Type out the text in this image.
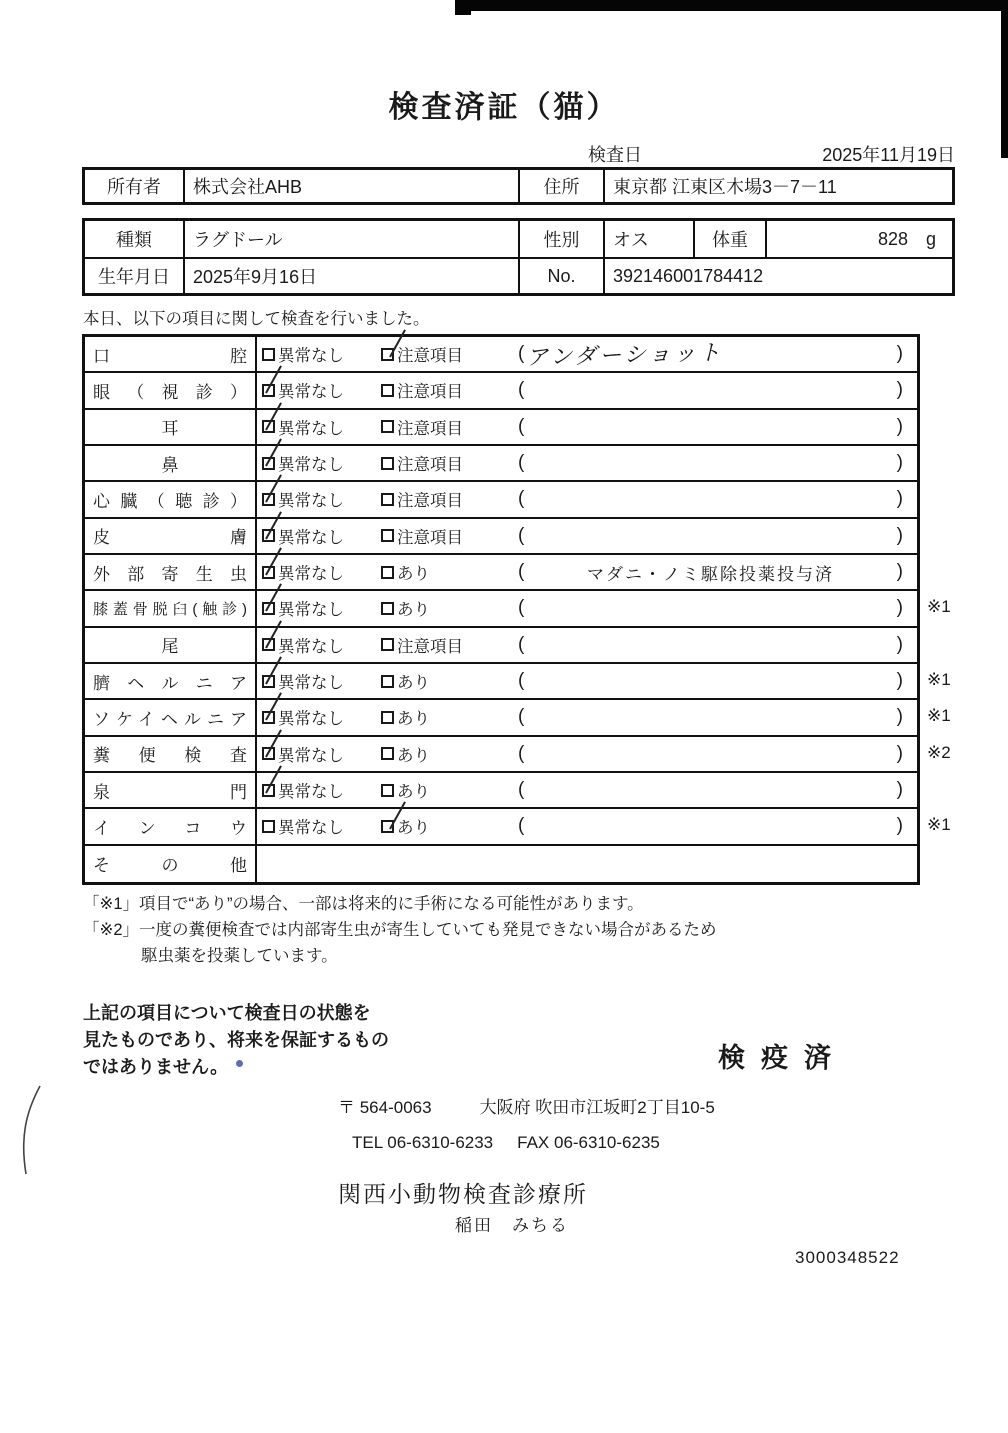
検査済証（猫）
検査日	2025年11月19日
所有者	株式会社AHB	住所	東京都 江東区木場3－7－11
種類	ラグドール	性別	オス	体重	828 g
生年月日	2025年9月16日	No.	392146001784412
本日、以下の項目に関して検査を行いました。
口腔	異常なし	注意項目	( アンダーショット	)
眼（視診）	異常なし	注意項目	(	)
耳	異常なし	注意項目	(	)
鼻	異常なし	注意項目	(	)
心臓（聴診）	異常なし	注意項目	(	)
皮膚	異常なし	注意項目	(	)
外部寄生虫	異常なし	あり	(	マダニ・ノミ駆除投薬投与済	)
膝蓋骨脱臼(触診)	異常なし	あり	(	) ※1
尾	異常なし	注意項目	(	)
臍ヘルニア	異常なし	あり	(	) ※1
ソケイヘルニア	異常なし	あり	(	) ※1
糞便検査	異常なし	あり	(	) ※2
泉門	異常なし	あり	(	)
インコウ	異常なし	あり	(	) ※1
その他
「※1」項目で“あり”の場合、一部は将来的に手術になる可能性があります。
「※2」一度の糞便検査では内部寄生虫が寄生していても発見できない場合があるため
駆虫薬を投薬しています。
上記の項目について検査日の状態を
見たものであり、将来を保証するもの
ではありません。	検疫済
〒 564-0063	大阪府 吹田市江坂町2丁目10-5
TEL 06-6310-6233 FAX 06-6310-6235
関西小動物検査診療所
稲田　みちる
3000348522
